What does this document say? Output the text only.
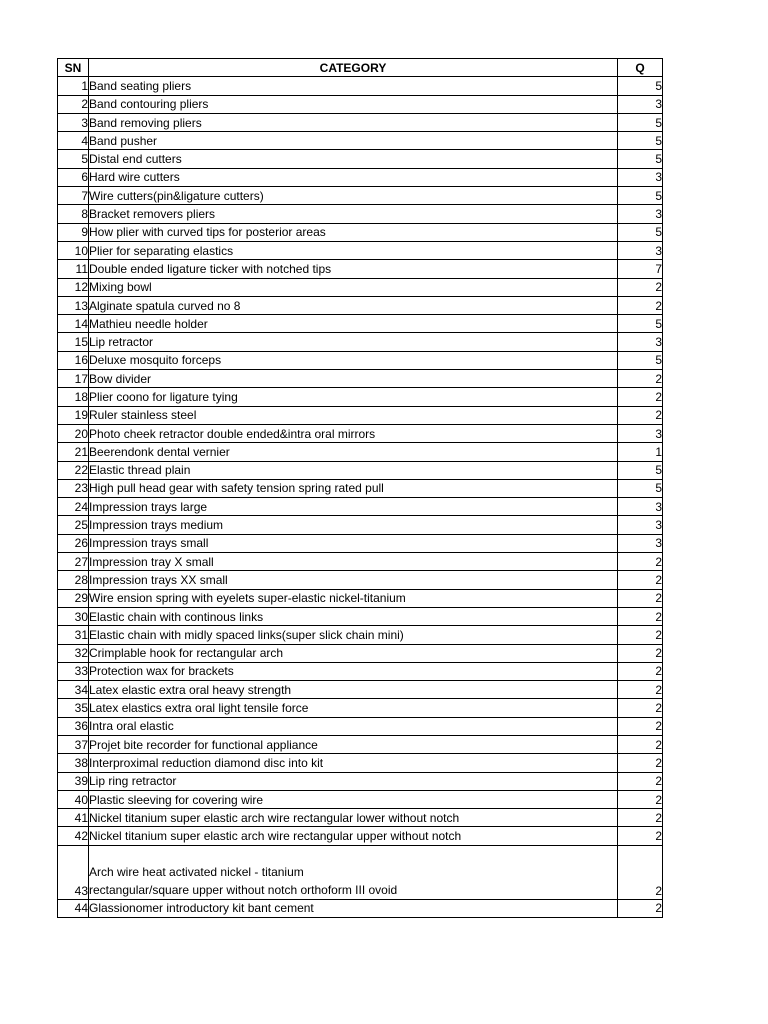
SN	CATEGORY	Q
1	Band seating pliers	5
2	Band contouring pliers	3
3	Band removing pliers	5
4	Band pusher	5
5	Distal end cutters	5
6	Hard wire cutters	3
7	Wire cutters(pin&ligature cutters)	5
8	Bracket removers pliers	3
9	How plier with curved tips for posterior areas	5
10	Plier for separating elastics	3
11	Double ended ligature ticker with notched tips	7
12	Mixing bowl	2
13	Alginate spatula curved no 8	2
14	Mathieu needle holder	5
15	Lip retractor	3
16	Deluxe mosquito forceps	5
17	Bow divider	2
18	Plier coono for ligature tying	2
19	Ruler stainless steel	2
20	Photo cheek retractor double ended&intra oral mirrors	3
21	Beerendonk dental vernier	1
22	Elastic thread plain	5
23	High pull head gear with safety tension spring rated pull	5
24	Impression trays large	3
25	Impression trays medium	3
26	Impression trays small	3
27	Impression tray X small	2
28	Impression trays XX small	2
29	Wire ension spring with eyelets super-elastic nickel-titanium	2
30	Elastic chain with continous links	2
31	Elastic chain with midly spaced links(super slick chain mini)	2
32	Crimplable hook for rectangular arch	2
33	Protection wax for brackets	2
34	Latex elastic extra oral heavy strength	2
35	Latex elastics extra oral light tensile force	2
36	Intra oral elastic	2
37	Projet bite recorder for functional appliance	2
38	Interproximal reduction diamond disc into kit	2
39	Lip ring retractor	2
40	Plastic sleeving for covering wire	2
41	Nickel titanium super elastic arch wire rectangular lower without notch	2
42	Nickel titanium super elastic arch wire rectangular upper without notch	2
43	Arch wire heat activated nickel - titanium
rectangular/square upper without notch orthoform III ovoid	2
44	Glassionomer introductory kit bant cement	2
